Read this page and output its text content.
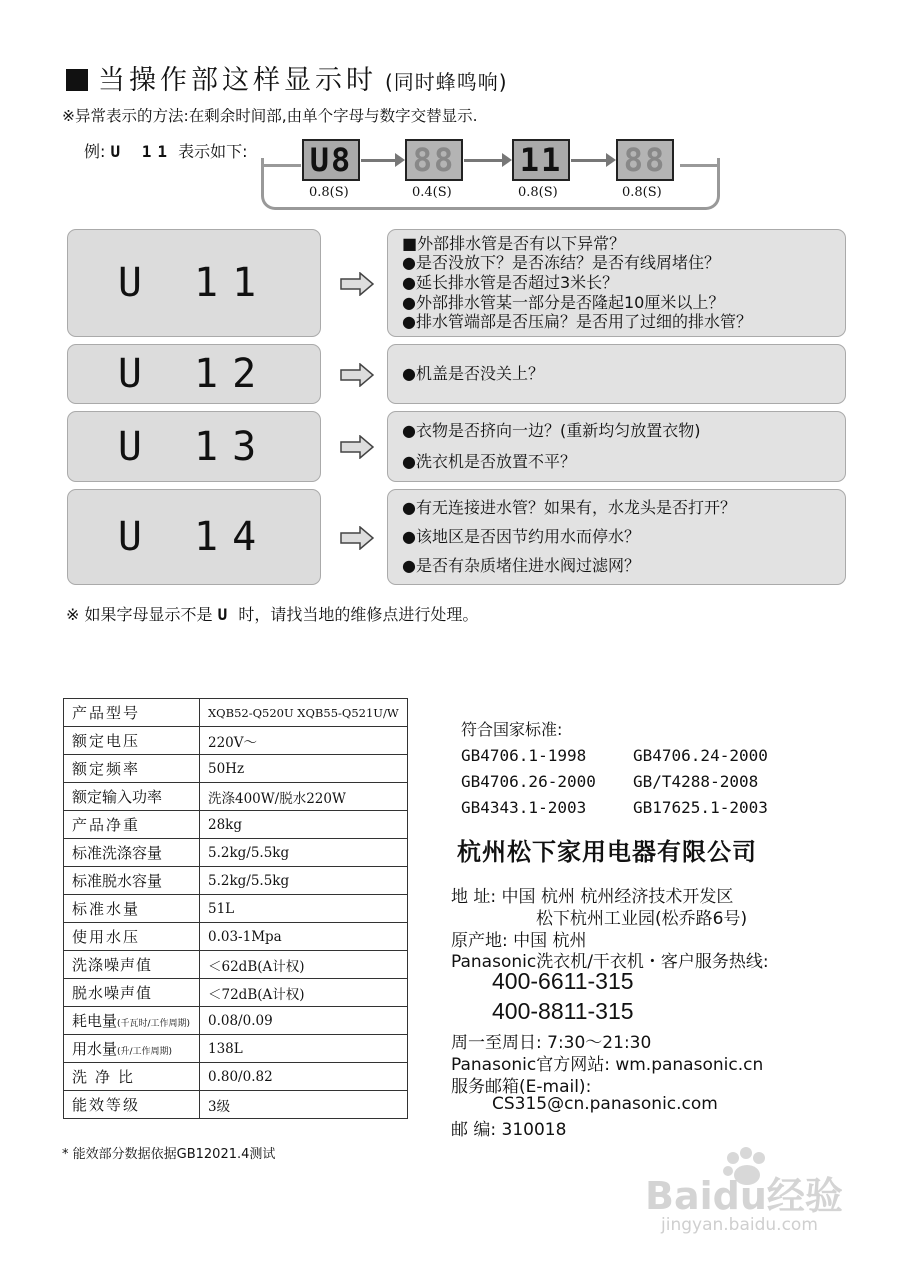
当操作部这样显示时 (同时蜂鸣响)
※异常表示的方法:在剩余时间部,由单个字母与数字交替显示.
例: U 11 表示如下: U8 88 11 88
0.8(S)	0.4(S)	0.8(S)	0.8(S)
U 11
■外部排水管是否有以下异常？
●是否没放下？是否冻结？是否有线屑堵住？
●延长排水管是否超过3米长？
●外部排水管某一部分是否隆起10厘米以上？
●排水管端部是否压扁？是否用了过细的排水管？
U 12	●机盖是否没关上？
U 13	●衣物是否挤向一边？(重新均匀放置衣物)
●洗衣机是否放置不平？
U 14
●有无连接进水管？如果有，水龙头是否打开？
●该地区是否因节约用水而停水？
●是否有杂质堵住进水阀过滤网？
※ 如果字母显示不是 U 时，请找当地的维修点进行处理。
产品型号	XQB52-Q520U XQB55-Q521U/W
额定电压	220V～
额定频率	50Hz
额定输入功率	洗涤400W/脱水220W
产品净重	28kg
标准洗涤容量	5.2kg/5.5kg
标准脱水容量	5.2kg/5.5kg
标准水量	51L
使用水压	0.03-1Mpa
洗涤噪声值	＜62dB(A计权)
脱水噪声值	＜72dB(A计权)
耗电量(千瓦时/工作周期)	0.08/0.09
用水量(升/工作周期)	138L
洗净比	0.80/0.82
能效等级	3级
* 能效部分数据依据GB12021.4测试
符合国家标准:
GB4706.1-1998	GB4706.24-2000
GB4706.26-2000 GB/T4288-2008
GB4343.1-2003	GB17625.1-2003
杭州松下家用电器有限公司
地 址: 中国 杭州 杭州经济技术开发区
松下杭州工业园(松乔路6号)
原产地: 中国 杭州
Panasonic洗衣机/干衣机・客户服务热线:
400-6611-315
400-8811-315
周一至周日: 7:30～21:30
Panasonic官方网站: wm.panasonic.cn
服务邮箱(E-mail):
CS315@cn.panasonic.com
邮 编: 310018
Baidu经验
jingyan.baidu.com
